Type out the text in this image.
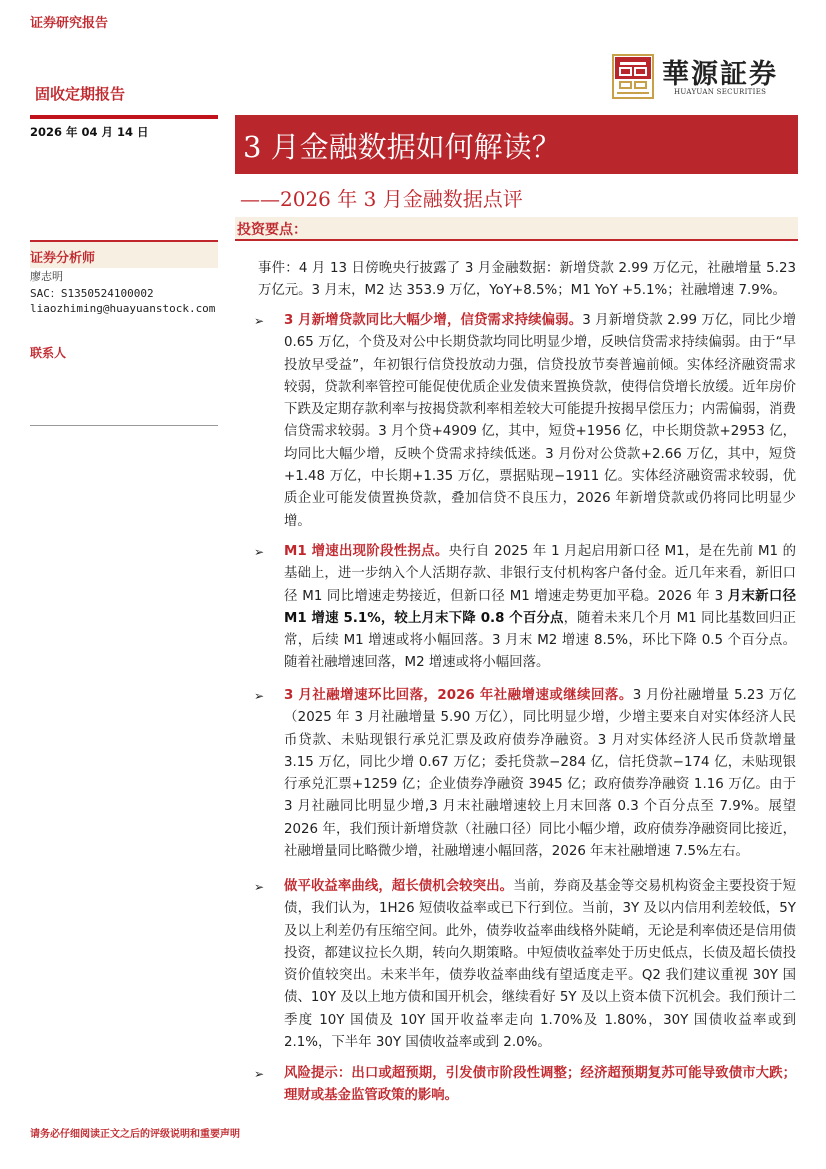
证券研究报告
固收定期报告
華源証券
HUAYUAN SECURITIES
2026 年 04 月 14 日	3 月金融数据如何解读？
——2026 年 3 月金融数据点评
投资要点：
证券分析师
廖志明
SAC：S1350524100002
liaozhiming@huayuanstock.com
联系人
事件：4 月 13 日傍晚央行披露了 3 月金融数据：新增贷款 2.99 万亿元，社融增量 5.23 万亿元。3 月末，M2 达 353.9 万亿，YoY+8.5%；M1 YoY +5.1%；社融增速 7.9%。
➢ 3 月新增贷款同比大幅少增，信贷需求持续偏弱。3 月新增贷款 2.99 万亿，同比少增 0.65 万亿，个贷及对公中长期贷款均同比明显少增，反映信贷需求持续偏弱。由于“早投放早受益”，年初银行信贷投放动力强，信贷投放节奏普遍前倾。实体经济融资需求较弱，贷款利率管控可能促使优质企业发债来置换贷款，使得信贷增长放缓。近年房价下跌及定期存款利率与按揭贷款利率相差较大可能提升按揭早偿压力；内需偏弱，消费信贷需求较弱。3 月个贷+4909 亿，其中，短贷+1956 亿，中长期贷款+2953 亿，均同比大幅少增，反映个贷需求持续低迷。3 月份对公贷款+2.66 万亿，其中，短贷+1.48 万亿，中长期+1.35 万亿，票据贴现−1911 亿。实体经济融资需求较弱，优质企业可能发债置换贷款，叠加信贷不良压力，2026 年新增贷款或仍将同比明显少增。
➢ M1 增速出现阶段性拐点。央行自 2025 年 1 月起启用新口径 M1，是在先前 M1 的基础上，进一步纳入个人活期存款、非银行支付机构客户备付金。近几年来看，新旧口径 M1 同比增速走势接近，但新口径 M1 增速走势更加平稳。2026 年 3 月末新口径 M1 增速 5.1%，较上月末下降 0.8 个百分点，随着未来几个月 M1 同比基数回归正常，后续 M1 增速或将小幅回落。3 月末 M2 增速 8.5%，环比下降 0.5 个百分点。随着社融增速回落，M2 增速或将小幅回落。
➢ 3 月社融增速环比回落，2026 年社融增速或继续回落。3 月份社融增量 5.23 万亿（2025 年 3 月社融增量 5.90 万亿），同比明显少增，少增主要来自对实体经济人民币贷款、未贴现银行承兑汇票及政府债券净融资。3 月对实体经济人民币贷款增量 3.15 万亿，同比少增 0.67 万亿；委托贷款−284 亿，信托贷款−174 亿，未贴现银行承兑汇票+1259 亿；企业债券净融资 3945 亿；政府债券净融资 1.16 万亿。由于 3 月社融同比明显少增,3 月末社融增速较上月末回落 0.3 个百分点至 7.9%。展望 2026 年，我们预计新增贷款（社融口径）同比小幅少增，政府债券净融资同比接近，社融增量同比略微少增，社融增速小幅回落，2026 年末社融增速 7.5%左右。
➢ 做平收益率曲线，超长债机会较突出。当前，券商及基金等交易机构资金主要投资于短债，我们认为，1H26 短债收益率或已下行到位。当前，3Y 及以内信用利差较低，5Y 及以上利差仍有压缩空间。此外，债券收益率曲线格外陡峭，无论是利率债还是信用债投资，都建议拉长久期，转向久期策略。中短债收益率处于历史低点，长债及超长债投资价值较突出。未来半年，债券收益率曲线有望适度走平。Q2 我们建议重视 30Y 国债、10Y 及以上地方债和国开机会，继续看好 5Y 及以上资本债下沉机会。我们预计二季度 10Y 国债及 10Y 国开收益率走向 1.70%及 1.80%，30Y 国债收益率或到 2.1%，下半年 30Y 国债收益率或到 2.0%。
➢ 风险提示：出口或超预期，引发债市阶段性调整；经济超预期复苏可能导致债市大跌；理财或基金监管政策的影响。
请务必仔细阅读正文之后的评级说明和重要声明
